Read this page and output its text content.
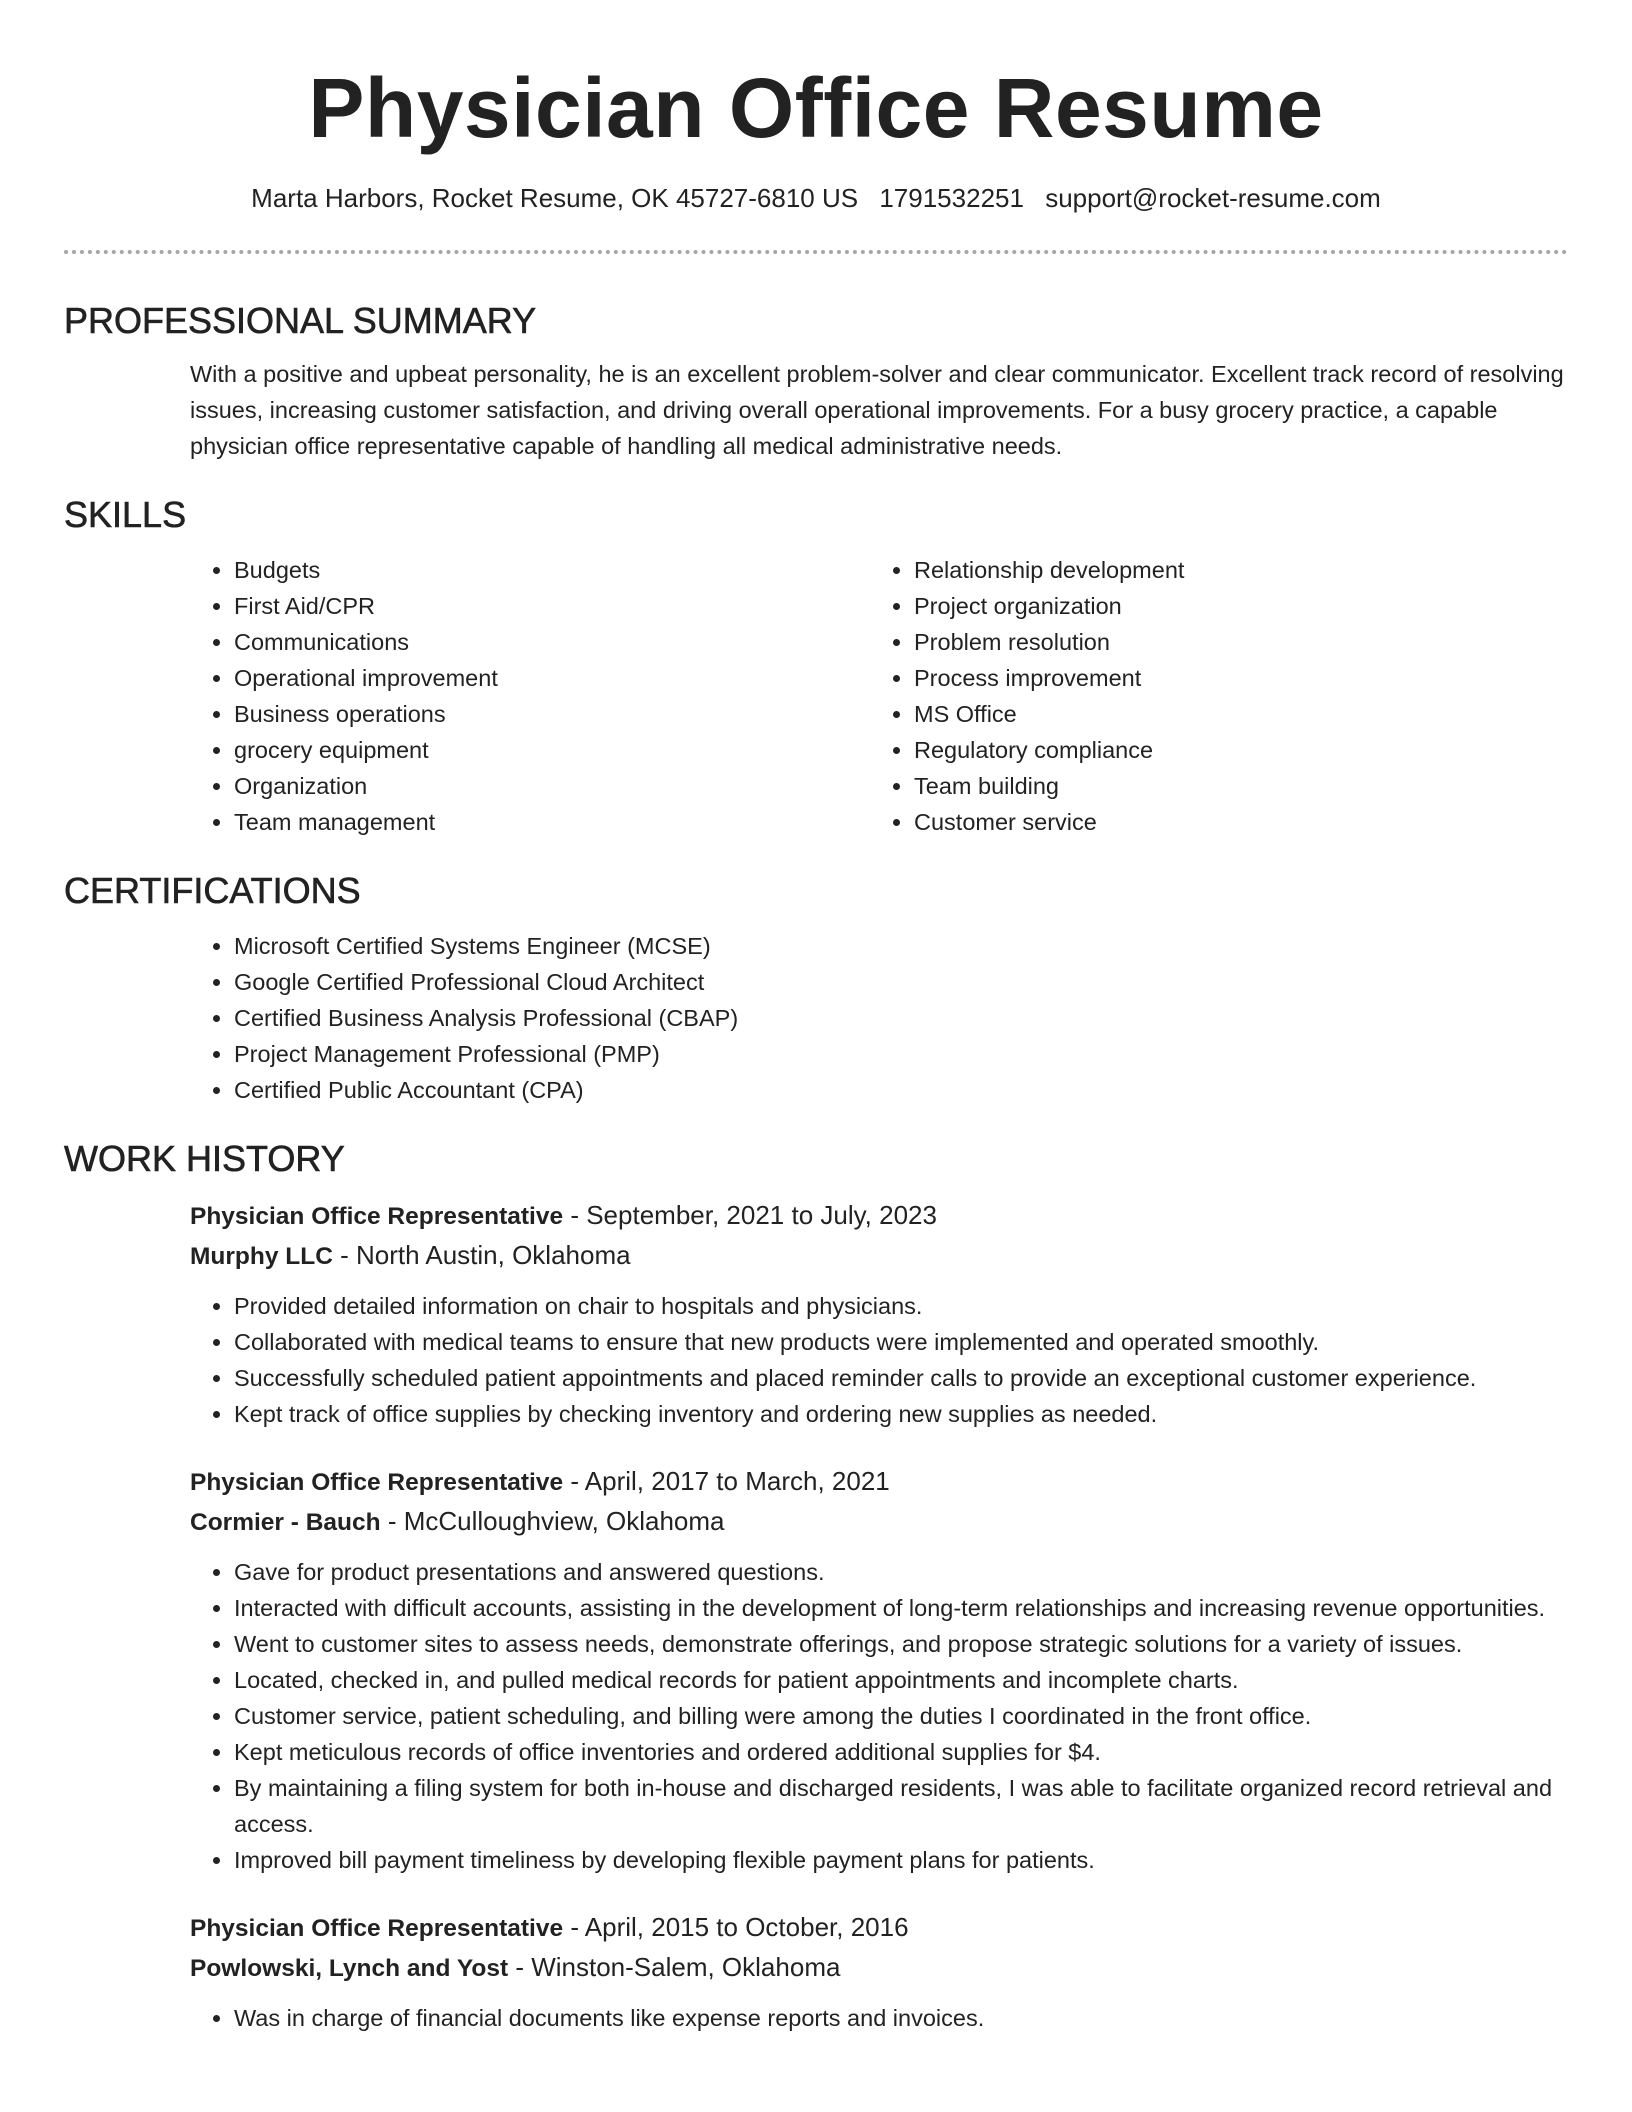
Physician Office Resume
Marta Harbors, Rocket Resume, OK 45727-6810 US 1791532251 support@rocket-resume.com
PROFESSIONAL SUMMARY

With a positive and upbeat personality, he is an excellent problem-solver and clear communicator. Excellent track record of resolving issues, increasing customer satisfaction, and driving overall operational improvements. For a busy grocery practice, a capable physician office representative capable of handling all medical administrative needs.

SKILLS
• Budgets
• First Aid/CPR
• Communications
• Operational improvement
• Business operations
• grocery equipment
• Organization
• Team management
• Relationship development
• Project organization
• Problem resolution
• Process improvement
• MS Office
• Regulatory compliance
• Team building
• Customer service
CERTIFICATIONS
• Microsoft Certified Systems Engineer (MCSE)
• Google Certified Professional Cloud Architect
• Certified Business Analysis Professional (CBAP)
• Project Management Professional (PMP)
• Certified Public Accountant (CPA)
WORK HISTORY
Physician Office Representative - September, 2021 to July, 2023
Murphy LLC - North Austin, Oklahoma
• Provided detailed information on chair to hospitals and physicians.
• Collaborated with medical teams to ensure that new products were implemented and operated smoothly.
• Successfully scheduled patient appointments and placed reminder calls to provide an exceptional customer experience.
• Kept track of office supplies by checking inventory and ordering new supplies as needed.
Physician Office Representative - April, 2017 to March, 2021
Cormier - Bauch - McCulloughview, Oklahoma
• Gave for product presentations and answered questions.
• Interacted with difficult accounts, assisting in the development of long-term relationships and increasing revenue opportunities.
• Went to customer sites to assess needs, demonstrate offerings, and propose strategic solutions for a variety of issues.
• Located, checked in, and pulled medical records for patient appointments and incomplete charts.
• Customer service, patient scheduling, and billing were among the duties I coordinated in the front office.
• Kept meticulous records of office inventories and ordered additional supplies for $4.
• By maintaining a filing system for both in-house and discharged residents, I was able to facilitate organized record retrieval and access.
• Improved bill payment timeliness by developing flexible payment plans for patients.
Physician Office Representative - April, 2015 to October, 2016
Powlowski, Lynch and Yost - Winston-Salem, Oklahoma
• Was in charge of financial documents like expense reports and invoices.
